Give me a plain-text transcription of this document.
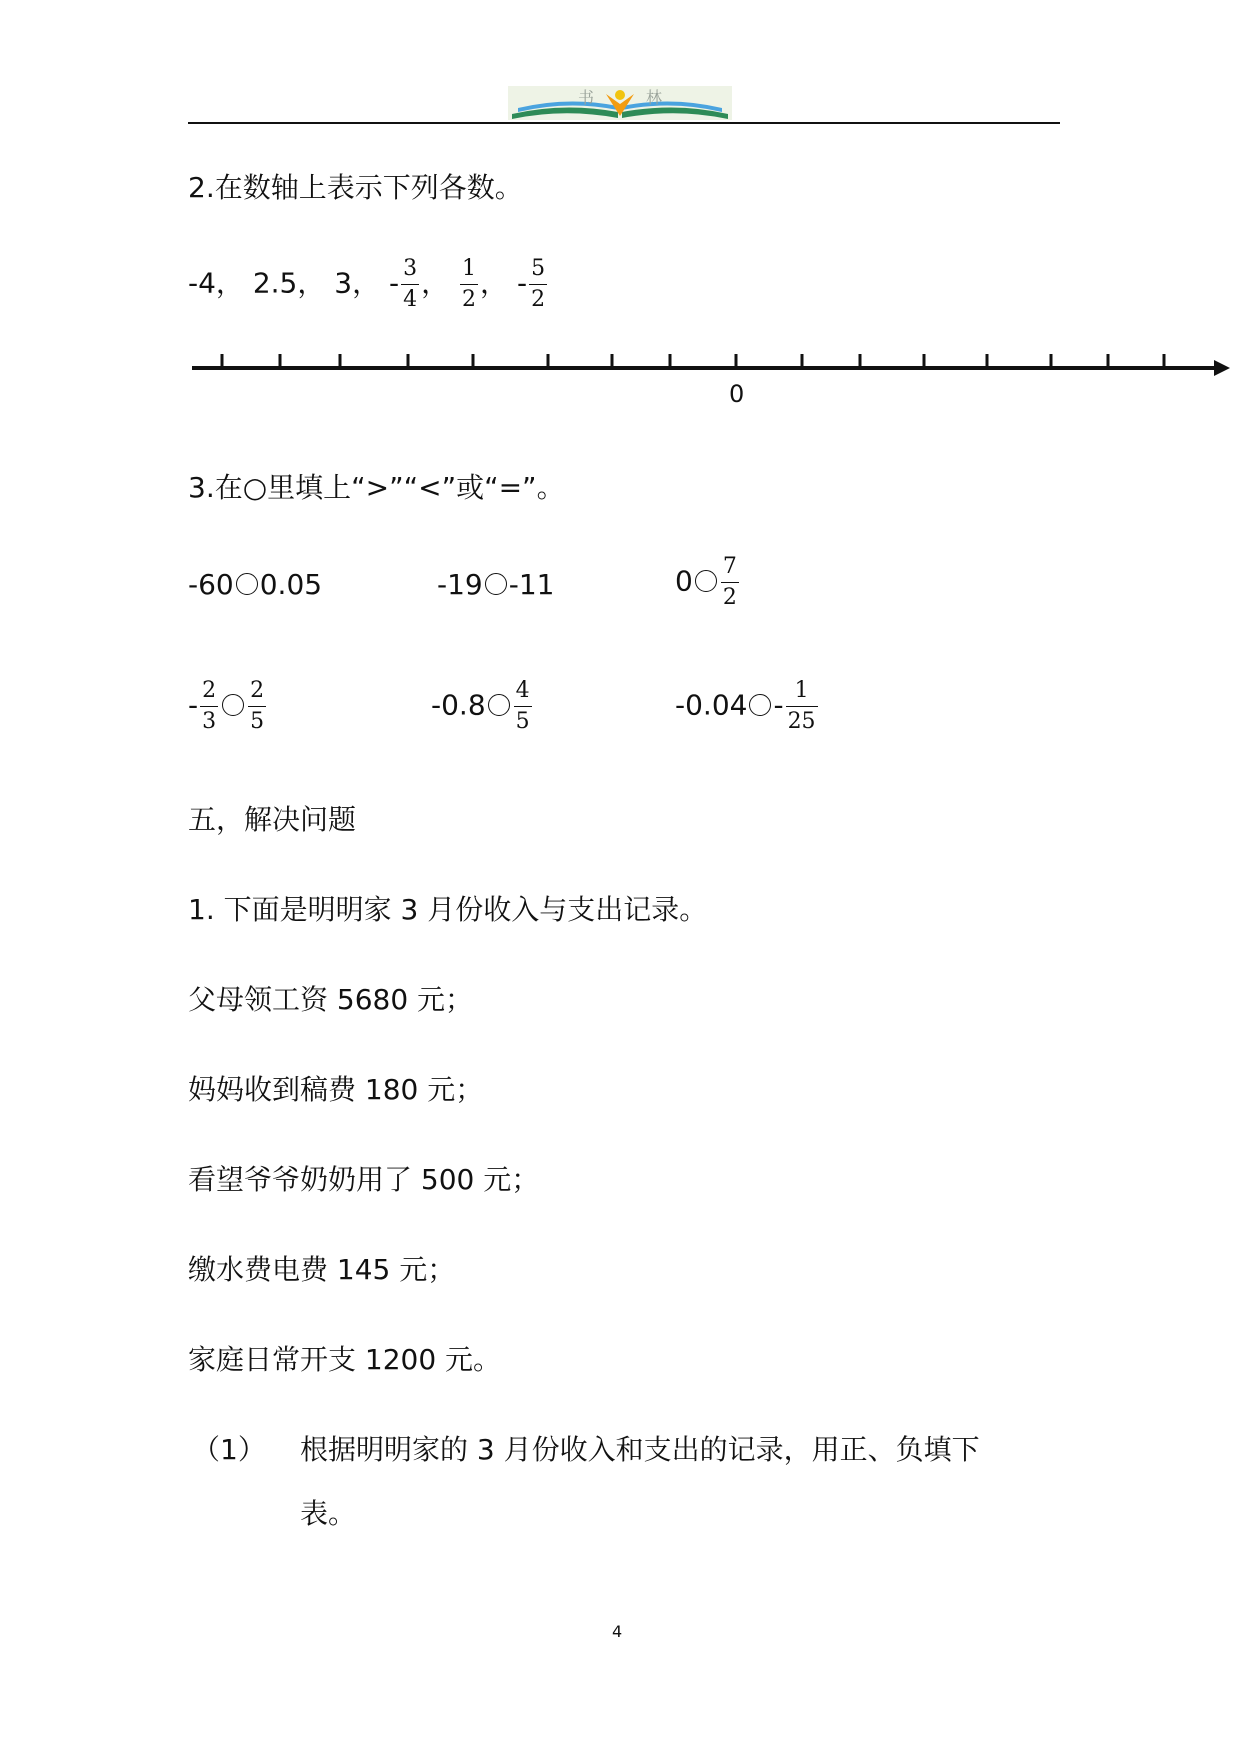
书	林
2.在数轴上表示下列各数。
-4， 2.5， 3， - $\frac{3}{4}$ ， $\frac{1}{2}$ ， - $\frac{5}{2}$
0
3.在○里填上“>”“<”或“=”。
-60 0.05	-19 -11	$0 \frac{7}{2}$
- $\frac{2}{3} \frac{2}{5}$	$-0.8 \frac{4}{5}$	$-0.04 - \frac{1}{25}$
五，解决问题
1. 下面是明明家 3 月份收入与支出记录。
父母领工资 5680 元；
妈妈收到稿费 180 元；
看望爷爷奶奶用了 500 元；
缴水费电费 145 元；
家庭日常开支 1200 元。
（1） 根据明明家的 3 月份收入和支出的记录，用正、负填下
表。
4
